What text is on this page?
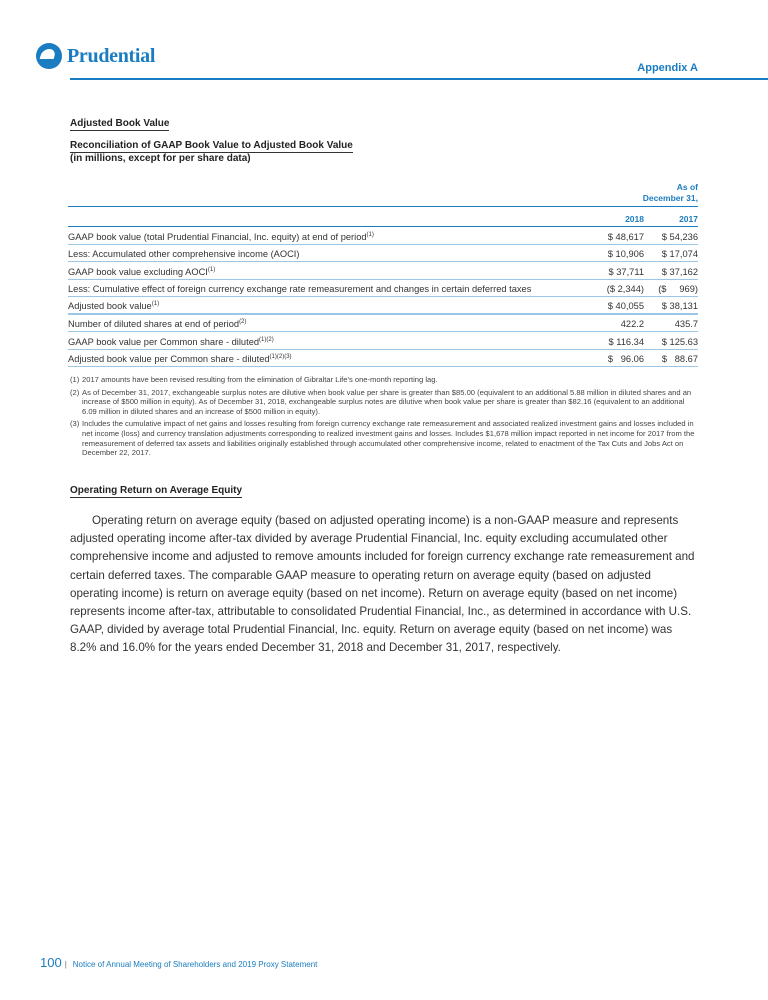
Prudential
Appendix A
Adjusted Book Value
Reconciliation of GAAP Book Value to Adjusted Book Value
(in millions, except for per share data)
	As of
December 31,	
	2018	2017
GAAP book value (total Prudential Financial, Inc. equity) at end of period$^{(1)}$	$ 48,617	$ 54,236
Less: Accumulated other comprehensive income (AOCI)	$ 10,906	$ 17,074
GAAP book value excluding AOCI$^{(1)}$	$ 37,711	$ 37,162
Less: Cumulative effect of foreign currency exchange rate remeasurement and changes in certain deferred taxes	($ 2,344)	($     969)
Adjusted book value$^{(1)}$	$ 40,055	$ 38,131
Number of diluted shares at end of period$^{(2)}$	422.2	435.7
GAAP book value per Common share - diluted$^{(1)(2)}$	$ 116.34	$ 125.63
Adjusted book value per Common share - diluted$^{(1)(2)(3)}$	$   96.06	$   88.67
(1) 2017 amounts have been revised resulting from the elimination of Gibraltar Life's one-month reporting lag.
(2) As of December 31, 2017, exchangeable surplus notes are dilutive when book value per share is greater than $85.00 (equivalent to an additional 5.88 million in diluted shares and an increase of $500 million in equity). As of December 31, 2018, exchangeable surplus notes are dilutive when book value per share is greater than $82.16 (equivalent to an additional 6.09 million in diluted shares and an increase of $500 million in equity).
(3) Includes the cumulative impact of net gains and losses resulting from foreign currency exchange rate remeasurement and associated realized investment gains and losses included in net income (loss) and currency translation adjustments corresponding to realized investment gains and losses. Includes $1,678 million impact reported in net income for 2017 from the remeasurement of deferred tax assets and liabilities originally established through accumulated other comprehensive income, related to enactment of the Tax Cuts and Jobs Act on December 22, 2017.
Operating Return on Average Equity
Operating return on average equity (based on adjusted operating income) is a non-GAAP measure and represents adjusted operating income after-tax divided by average Prudential Financial, Inc. equity excluding accumulated other comprehensive income and adjusted to remove amounts included for foreign currency exchange rate remeasurement and certain deferred taxes. The comparable GAAP measure to operating return on average equity (based on adjusted operating income) is return on average equity (based on net income). Return on average equity (based on net income) represents income after-tax, attributable to consolidated Prudential Financial, Inc., as determined in accordance with U.S. GAAP, divided by average total Prudential Financial, Inc. equity. Return on average equity (based on net income) was 8.2% and 16.0% for the years ended December 31, 2018 and December 31, 2017, respectively.
100 | Notice of Annual Meeting of Shareholders and 2019 Proxy Statement
